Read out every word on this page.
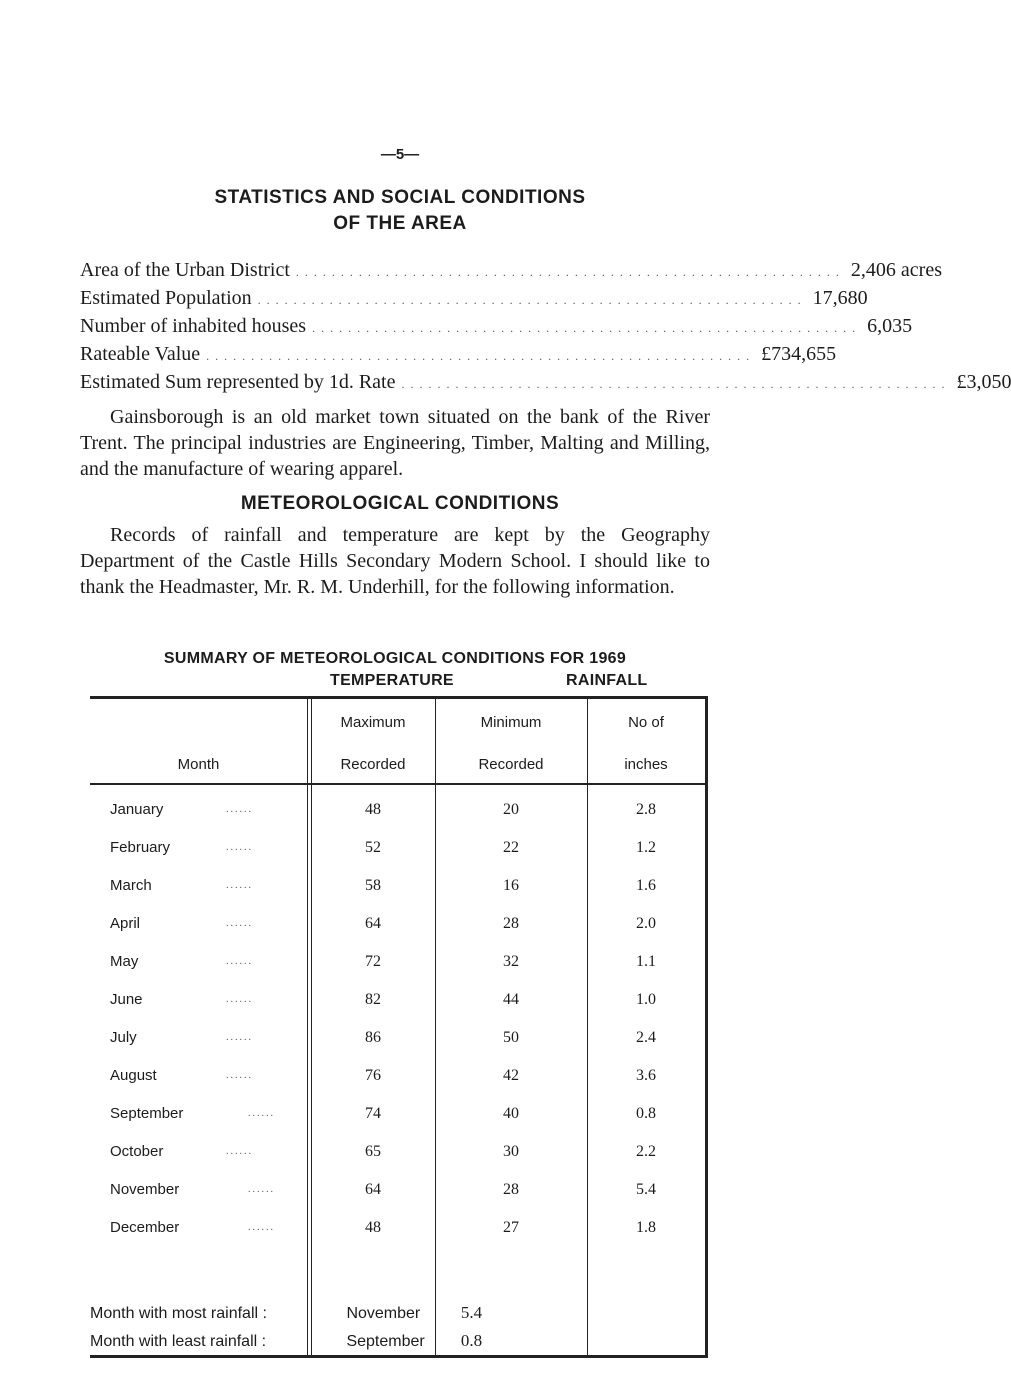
—5—
STATISTICS AND SOCIAL CONDITIONS
OF THE AREA
Area of the Urban District ............................................................. 2,406 acres
Estimated Population ............................................................. 17,680
Number of inhabited houses ............................................................. 6,035
Rateable Value ............................................................. £734,655
Estimated Sum represented by 1d. Rate ............................................................. £3,050

Gainsborough is an old market town situated on the bank of the River Trent. The principal industries are Engineering, Timber, Malting and Milling, and the manufacture of wearing apparel.

METEOROLOGICAL CONDITIONS

Records of rainfall and temperature are kept by the Geography Department of the Castle Hills Secondary Modern School. I should like to thank the Headmaster, Mr. R. M. Underhill, for the following information.

SUMMARY OF METEOROLOGICAL CONDITIONS FOR 1969
TEMPERATURE	RAINFALL
Month
Maximum
Recorded
Minimum
Recorded
No of
inches
January	......	48	20	2.8
February	......	52	22	1.2
March	......	58	16	1.6
April	......	64	28	2.0
May	......	72	32	1.1
June	......	82	44	1.0
July	......	86	50	2.4
August	......	76	42	3.6
September	......	74	40	0.8
October	......	65	30	2.2
November	......	64	28	5.4
December	......	48	27	1.8
Month with most rainfall :	November 5.4
Month with least rainfall :	September 0.8
